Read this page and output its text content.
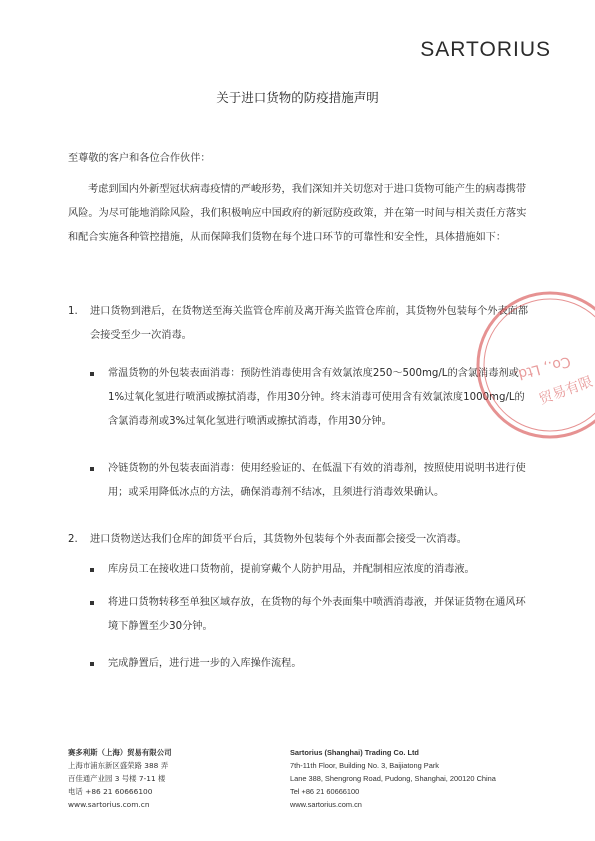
SARTORIUS
关于进口货物的防疫措施声明
至尊敬的客户和各位合作伙伴：
考虑到国内外新型冠状病毒疫情的严峻形势，我们深知并关切您对于进口货物可能产生的病毒携带风险。为尽可能地消除风险，我们积极响应中国政府的新冠防疫政策，并在第一时间与相关责任方落实和配合实施各种管控措施，从而保障我们货物在每个进口环节的可靠性和安全性，具体措施如下：
1. 进口货物到港后，在货物送至海关监管仓库前及离开海关监管仓库前，其货物外包装每个外表面都会接受至少一次消毒。
常温货物的外包装表面消毒：预防性消毒使用含有效氯浓度250～500mg/L的含氯消毒剂或1%过氧化氢进行喷洒或擦拭消毒，作用30分钟。终末消毒可使用含有效氯浓度1000mg/L的含氯消毒剂或3%过氧化氢进行喷洒或擦拭消毒，作用30分钟。
冷链货物的外包装表面消毒：使用经验证的、在低温下有效的消毒剂，按照使用说明书进行使用；或采用降低冰点的方法，确保消毒剂不结冰，且须进行消毒效果确认。
2. 进口货物送达我们仓库的卸货平台后，其货物外包装每个外表面都会接受一次消毒。
库房员工在接收进口货物前，提前穿戴个人防护用品，并配制相应浓度的消毒液。
将进口货物转移至单独区域存放，在货物的每个外表面集中喷洒消毒液，并保证货物在通风环境下静置至少30分钟。
完成静置后，进行进一步的入库操作流程。
Co., Ltd.
贸易有限
赛多利斯（上海）贸易有限公司
上海市浦东新区盛荣路 388 弄
百佳通产业园 3 号楼 7-11 楼
电话 +86 21 60666100
www.sartorius.com.cn
Sartorius (Shanghai) Trading Co. Ltd
7th-11th Floor, Building No. 3, Baijiatong Park
Lane 388, Shengrong Road, Pudong, Shanghai, 200120 China
Tel +86 21 60666100
www.sartorius.com.cn
